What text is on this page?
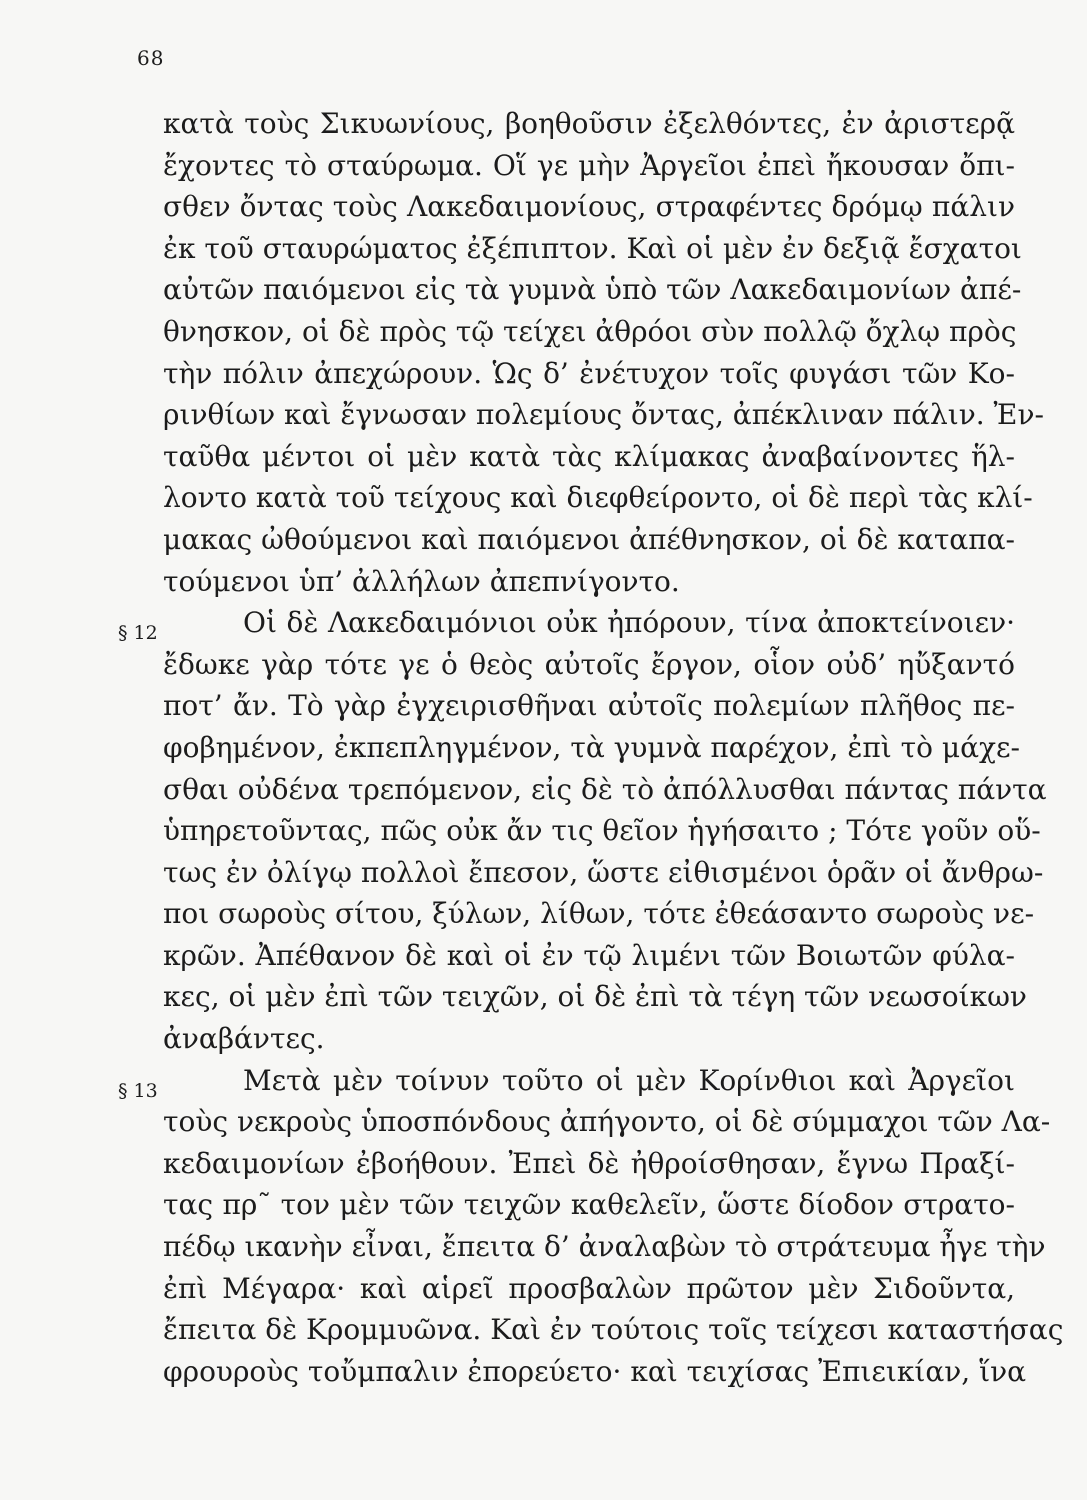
68
§ 12
§ 13
κατὰ τοὺς Σικυωνίους, βοηθοῦσιν ἐξελθόντες, ἐν ἀριστερᾷ
ἔχοντες τὸ σταύρωμα. Οἵ γε μὴν Ἀργεῖοι ἐπεὶ ἤκουσαν ὄπι-
σθεν ὄντας τοὺς Λακεδαιμονίους, στραφέντες δρόμῳ πάλιν
ἐκ τοῦ σταυρώματος ἐξέπιπτον. Καὶ οἱ μὲν ἐν δεξιᾷ ἔσχατοι
αὐτῶν παιόμενοι εἰς τὰ γυμνὰ ὑπὸ τῶν Λακεδαιμονίων ἀπέ-
θνησκον, οἱ δὲ πρὸς τῷ τείχει ἀθρόοι σὺν πολλῷ ὄχλῳ πρὸς
τὴν πόλιν ἀπεχώρουν. Ὡς δ’ ἐνέτυχον τοῖς φυγάσι τῶν Κο-
ρινθίων καὶ ἔγνωσαν πολεμίους ὄντας, ἀπέκλιναν πάλιν. Ἐν-
ταῦθα μέντοι οἱ μὲν κατὰ τὰς κλίμακας ἀναβαίνοντες ἥλ-
λοντο κατὰ τοῦ τείχους καὶ διεφθείροντο, οἱ δὲ περὶ τὰς κλί-
μακας ὠθούμενοι καὶ παιόμενοι ἀπέθνησκον, οἱ δὲ καταπα-
τούμενοι ὑπ’ ἀλλήλων ἀπεπνίγοντο.
Οἱ δὲ Λακεδαιμόνιοι οὐκ ἠπόρουν, τίνα ἀποκτείνοιεν·
ἔδωκε γὰρ τότε γε ὁ θεὸς αὐτοῖς ἔργον, οἷον οὐδ’ ηὔξαντό
ποτ’ ἄν. Τὸ γὰρ ἐγχειρισθῆναι αὐτοῖς πολεμίων πλῆθος πε-
φοβημένον, ἐκπεπληγμένον, τὰ γυμνὰ παρέχον, ἐπὶ τὸ μάχε-
σθαι οὐδένα τρεπόμενον, εἰς δὲ τὸ ἀπόλλυσθαι πάντας πάντα
ὑπηρετοῦντας, πῶς οὐκ ἄν τις θεῖον ἡγήσαιτο ; Τότε γοῦν οὕ-
τως ἐν ὀλίγῳ πολλοὶ ἔπεσον, ὥστε εἰθισμένοι ὁρᾶν οἱ ἄνθρω-
ποι σωροὺς σίτου, ξύλων, λίθων, τότε ἐθεάσαντο σωροὺς νε-
κρῶν. Ἀπέθανον δὲ καὶ οἱ ἐν τῷ λιμένι τῶν Βοιωτῶν φύλα-
κες, οἱ μὲν ἐπὶ τῶν τειχῶν, οἱ δὲ ἐπὶ τὰ τέγη τῶν νεωσοίκων
ἀναβάντες.
Μετὰ μὲν τοίνυν τοῦτο οἱ μὲν Κορίνθιοι καὶ Ἀργεῖοι
τοὺς νεκροὺς ὑποσπόνδους ἀπήγοντο, οἱ δὲ σύμμαχοι τῶν Λα-
κεδαιμονίων ἐβοήθουν. Ἐπεὶ δὲ ἠθροίσθησαν, ἔγνω Πραξί-
τας πρ῀ τον μὲν τῶν τειχῶν καθελεῖν, ὥστε δίοδον στρατο-
πέδῳ ικανὴν εἶναι, ἔπειτα δ’ ἀναλαβὼν τὸ στράτευμα ἦγε τὴν
ἐπὶ Μέγαρα· καὶ αἱρεῖ προσβαλὼν πρῶτον μὲν Σιδοῦντα,
ἔπειτα δὲ Κρομμυῶνα. Καὶ ἐν τούτοις τοῖς τείχεσι καταστήσας
φρουροὺς τοὔμπαλιν ἐπορεύετο· καὶ τειχίσας Ἐπιεικίαν, ἵνα
